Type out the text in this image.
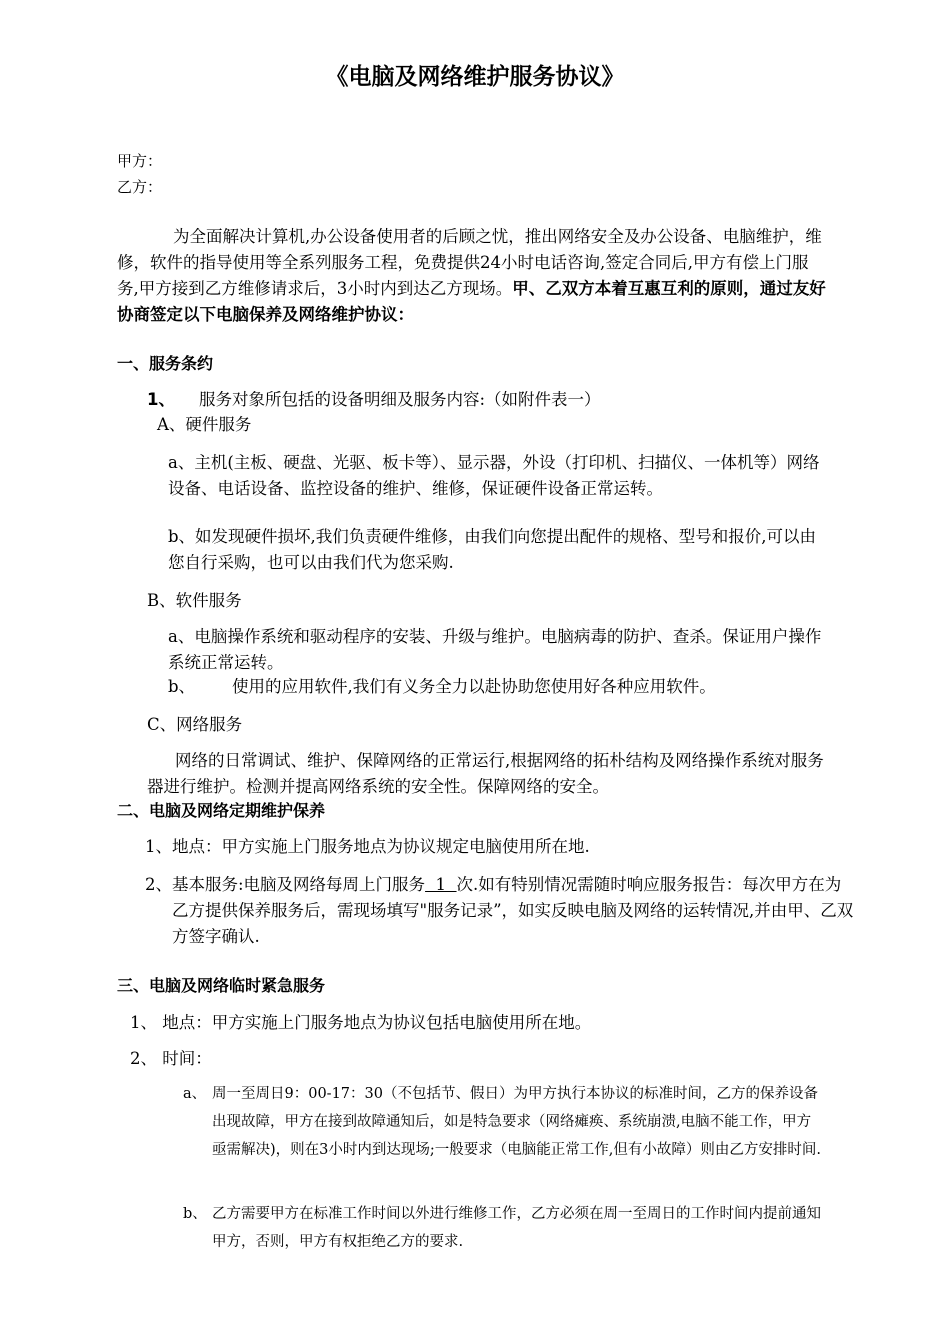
《电脑及网络维护服务协议》
甲方：
乙方：
为全面解决计算机,办公设备使用者的后顾之忧，推出网络安全及办公设备、电脑维护，维修，软件的指导使用等全系列服务工程，免费提供24小时电话咨询,签定合同后,甲方有偿上门服务,甲方接到乙方维修请求后，3小时内到达乙方现场。甲、乙双方本着互惠互利的原则，通过友好协商签定以下电脑保养及网络维护协议：
一、服务条约
1、 服务对象所包括的设备明细及服务内容:（如附件表一）
A、硬件服务
a、主机(主板、硬盘、光驱、板卡等）、显示器，外设（打印机、扫描仪、一体机等）网络设备、电话设备、监控设备的维护、维修，保证硬件设备正常运转。
b、如发现硬件损坏,我们负责硬件维修，由我们向您提出配件的规格、型号和报价,可以由您自行采购，也可以由我们代为您采购.
B、软件服务
a、电脑操作系统和驱动程序的安装、升级与维护。电脑病毒的防护、查杀。保证用户操作系统正常运转。
b、 使用的应用软件,我们有义务全力以赴协助您使用好各种应用软件。
C、网络服务
网络的日常调试、维护、保障网络的正常运行,根据网络的拓朴结构及网络操作系统对服务器进行维护。检测并提高网络系统的安全性。保障网络的安全。
二、电脑及网络定期维护保养
1、地点：甲方实施上门服务地点为协议规定电脑使用所在地.
2、基本服务:电脑及网络每周上门服务  1  次.如有特别情况需随时响应服务报告：每次甲方在为乙方提供保养服务后，需现场填写"服务记录”，如实反映电脑及网络的运转情况,并由甲、乙双方签字确认.
三、电脑及网络临时紧急服务
1、 地点：甲方实施上门服务地点为协议包括电脑使用所在地。
2、 时间：
a、 周一至周日9：00-17：30（不包括节、假日）为甲方执行本协议的标准时间，乙方的保养设备出现故障，甲方在接到故障通知后，如是特急要求（网络瘫痪、系统崩溃,电脑不能工作，甲方亟需解决)，则在3小时内到达现场;一般要求（电脑能正常工作,但有小故障）则由乙方安排时间.
b、 乙方需要甲方在标准工作时间以外进行维修工作，乙方必须在周一至周日的工作时间内提前通知甲方，否则，甲方有权拒绝乙方的要求.
